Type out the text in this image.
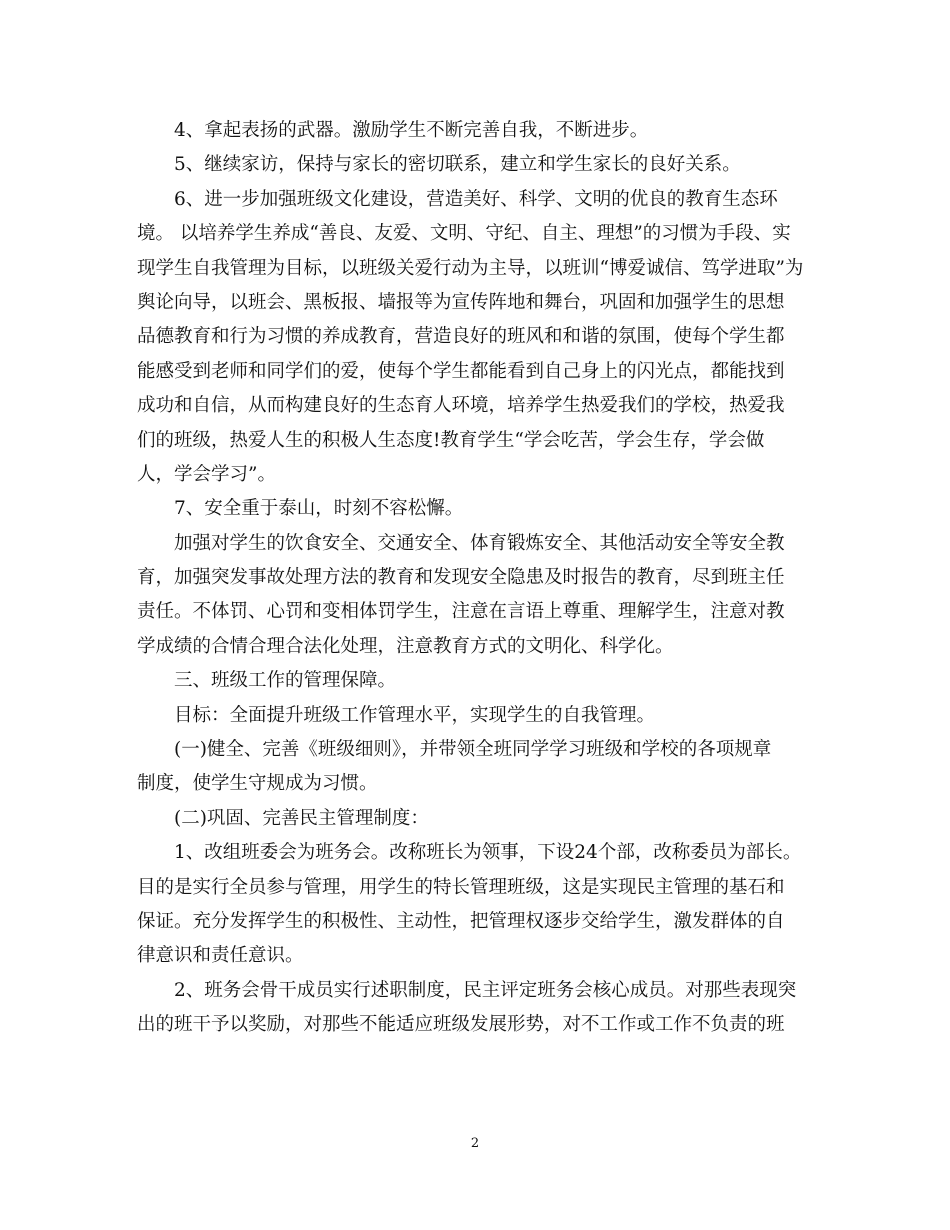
4、拿起表扬的武器。激励学生不断完善自我，不断进步。
5、继续家访，保持与家长的密切联系，建立和学生家长的良好关系。
6、进一步加强班级文化建设，营造美好、科学、文明的优良的教育生态环
境。 以培养学生养成“善良、友爱、文明、守纪、自主、理想”的习惯为手段、实
现学生自我管理为目标，以班级关爱行动为主导，以班训“博爱诚信、笃学进取”为
舆论向导，以班会、黑板报、墙报等为宣传阵地和舞台，巩固和加强学生的思想
品德教育和行为习惯的养成教育，营造良好的班风和和谐的氛围，使每个学生都
能感受到老师和同学们的爱，使每个学生都能看到自己身上的闪光点，都能找到
成功和自信，从而构建良好的生态育人环境，培养学生热爱我们的学校，热爱我
们的班级，热爱人生的积极人生态度!教育学生“学会吃苦，学会生存，学会做
人，学会学习”。
7、安全重于泰山，时刻不容松懈。
加强对学生的饮食安全、交通安全、体育锻炼安全、其他活动安全等安全教
育，加强突发事故处理方法的教育和发现安全隐患及时报告的教育，尽到班主任
责任。不体罚、心罚和变相体罚学生，注意在言语上尊重、理解学生，注意对教
学成绩的合情合理合法化处理，注意教育方式的文明化、科学化。
三、班级工作的管理保障。
目标：全面提升班级工作管理水平，实现学生的自我管理。
(一)健全、完善《班级细则》，并带领全班同学学习班级和学校的各项规章
制度，使学生守规成为习惯。
(二)巩固、完善民主管理制度：
1、改组班委会为班务会。改称班长为领事，下设24个部，改称委员为部长。
目的是实行全员参与管理，用学生的特长管理班级，这是实现民主管理的基石和
保证。充分发挥学生的积极性、主动性，把管理权逐步交给学生，激发群体的自
律意识和责任意识。
2、班务会骨干成员实行述职制度，民主评定班务会核心成员。对那些表现突
出的班干予以奖励，对那些不能适应班级发展形势，对不工作或工作不负责的班
2
